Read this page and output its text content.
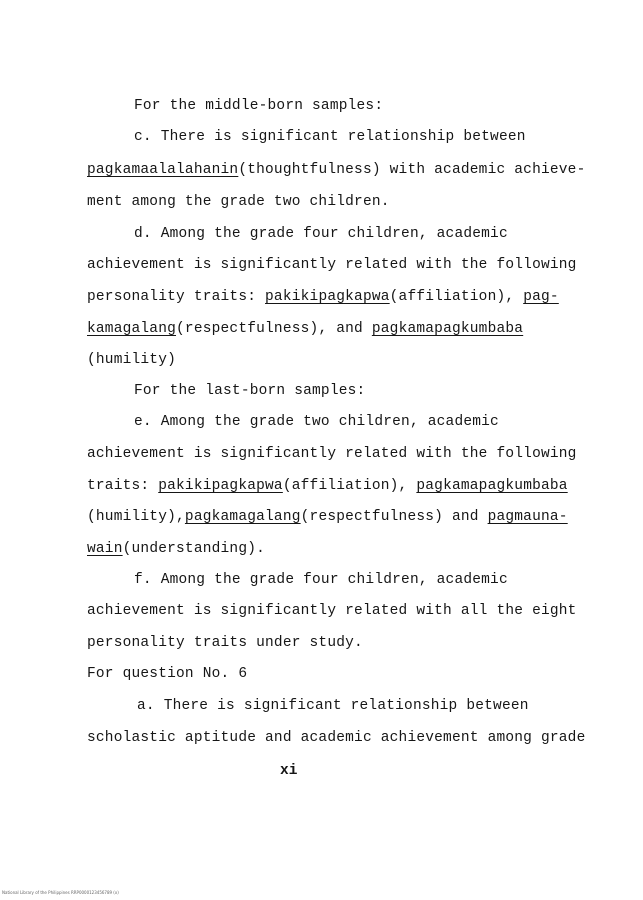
For the middle-born samples:
c. There is significant relationship between
pagkamaalalahanin(thoughtfulness) with academic achieve-
ment among the grade two children.
d. Among the grade four children, academic
achievement is significantly related with the following
personality traits: pakikipagkapwa(affiliation), pag-
kamagalang(respectfulness), and pagkamapagkumbaba
(humility)
For the last-born samples:
e. Among the grade two children, academic
achievement is significantly related with the following
traits: pakikipagkapwa(affiliation), pagkamapagkumbaba
(humility),pagkamagalang(respectfulness) and pagmauna-
wain(understanding).
f. Among the grade four children, academic
achievement is significantly related with all the eight
personality traits under study.
For question No. 6
a. There is significant relationship between
scholastic aptitude and academic achievement among grade
xi
National Library of the Philippines RRP0000123456789 (x)
